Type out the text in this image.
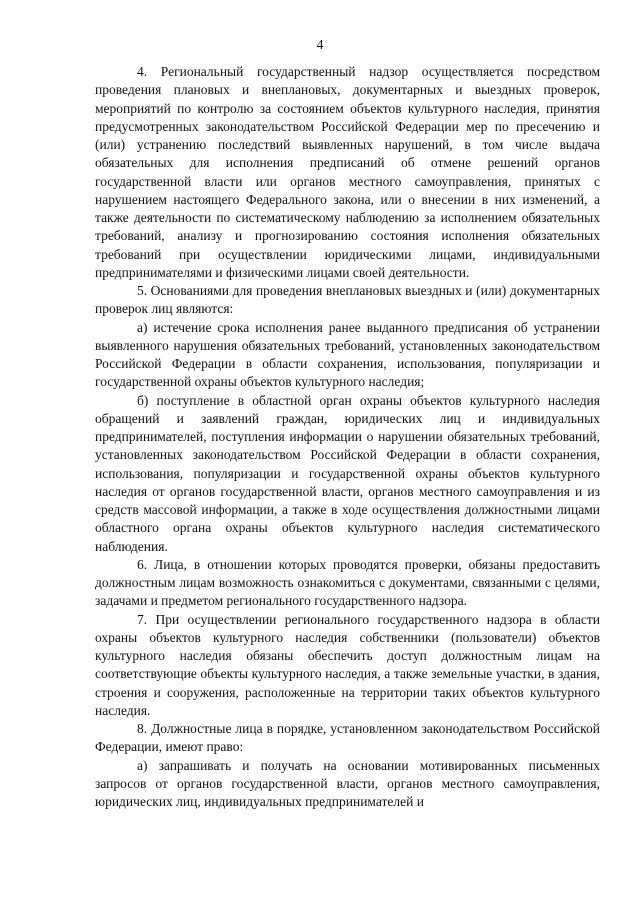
4

4. Региональный государственный надзор осуществляется посредством проведения плановых и внеплановых, документарных и выездных проверок, мероприятий по контролю за состоянием объектов культурного наследия, принятия предусмотренных законодательством Российской Федерации мер по пресечению и (или) устранению последствий выявленных нарушений, в том числе выдача обязательных для исполнения предписаний об отмене решений органов государственной власти или органов местного самоуправления, принятых с нарушением настоящего Федерального закона, или о внесении в них изменений, а также деятельности по систематическому наблюдению за исполнением обязательных требований, анализу и прогнозированию состояния исполнения обязательных требований при осуществлении юридическими лицами, индивидуальными предпринимателями и физическими лицами своей деятельности.

5. Основаниями для проведения внеплановых выездных и (или) документарных проверок лиц являются:

а) истечение срока исполнения ранее выданного предписания об устранении выявленного нарушения обязательных требований, установленных законодательством Российской Федерации в области сохранения, использования, популяризации и государственной охраны объектов культурного наследия;

б) поступление в областной орган охраны объектов культурного наследия обращений и заявлений граждан, юридических лиц и индивидуальных предпринимателей, поступления информации о нарушении обязательных требований, установленных законодательством Российской Федерации в области сохранения, использования, популяризации и государственной охраны объектов культурного наследия от органов государственной власти, органов местного самоуправления и из средств массовой информации, а также в ходе осуществления должностными лицами областного органа охраны объектов культурного наследия систематического наблюдения.

6. Лица, в отношении которых проводятся проверки, обязаны предоставить должностным лицам возможность ознакомиться с документами, связанными с целями, задачами и предметом регионального государственного надзора.

7. При осуществлении регионального государственного надзора в области охраны объектов культурного наследия собственники (пользователи) объектов культурного наследия обязаны обеспечить доступ должностным лицам на соответствующие объекты культурного наследия, а также земельные участки, в здания, строения и сооружения, расположенные на территории таких объектов культурного наследия.

8. Должностные лица в порядке, установленном законодательством Российской Федерации, имеют право:

а) запрашивать и получать на основании мотивированных письменных запросов от органов государственной власти, органов местного самоуправления, юридических лиц, индивидуальных предпринимателей и
